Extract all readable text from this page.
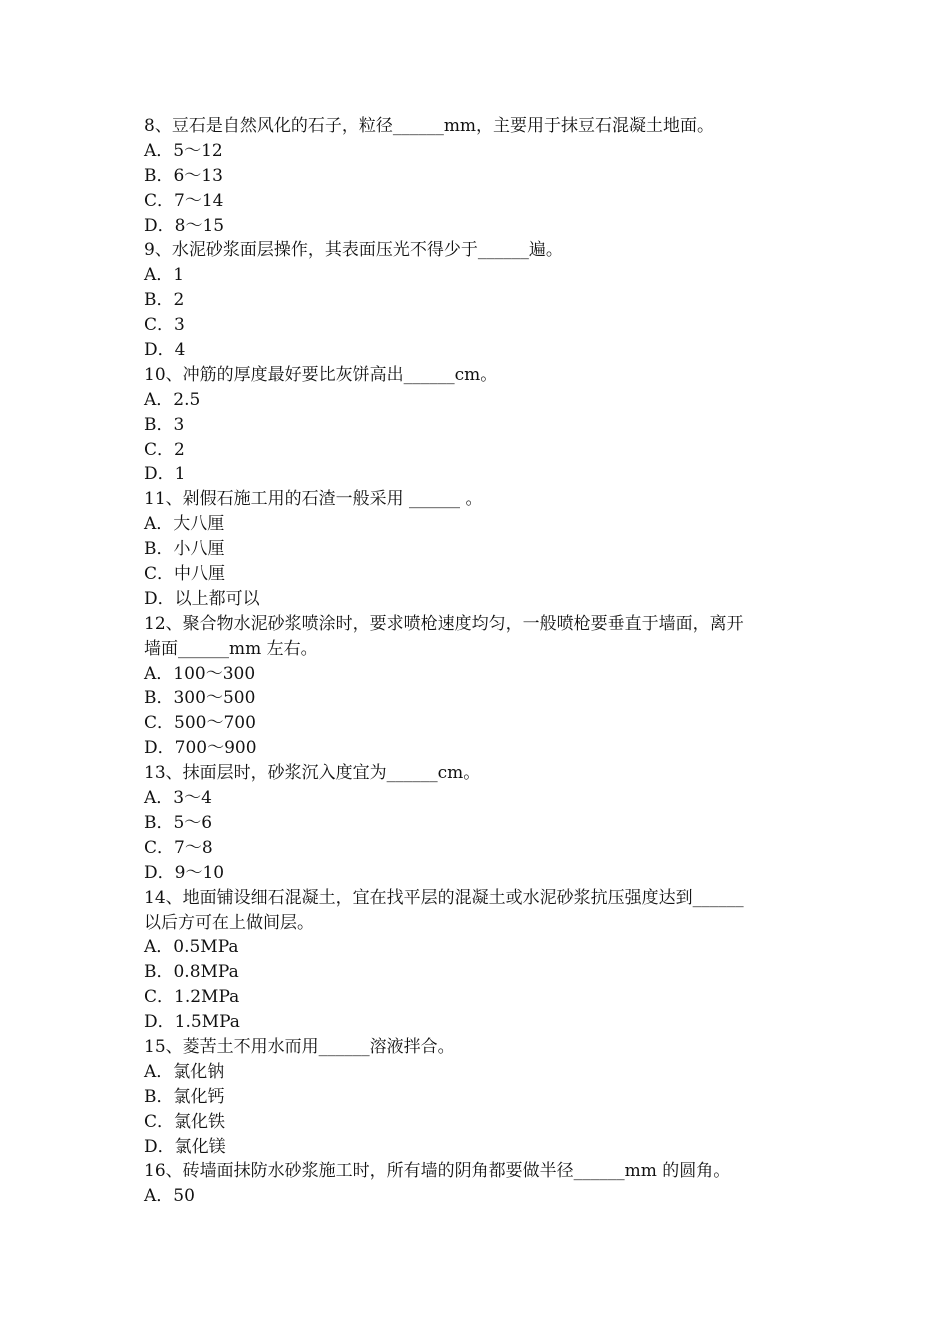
8、豆石是自然风化的石子，粒径______mm，主要用于抹豆石混凝土地面。
A．5～12
B．6～13
C．7～14
D．8～15
9、水泥砂浆面层操作，其表面压光不得少于______遍。
A．1
B．2
C．3
D．4
10、冲筋的厚度最好要比灰饼高出______cm。
A．2.5
B．3
C．2
D．1
11、剁假石施工用的石渣一般采用 ______ 。
A．大八厘
B．小八厘
C．中八厘
D．以上都可以
12、聚合物水泥砂浆喷涂时，要求喷枪速度均匀，一般喷枪要垂直于墙面，离开
墙面______mm 左右。
A．100～300
B．300～500
C．500～700
D．700～900
13、抹面层时，砂浆沉入度宜为______cm。
A．3～4
B．5～6
C．7～8
D．9～10
14、地面铺设细石混凝土，宜在找平层的混凝土或水泥砂浆抗压强度达到______
以后方可在上做间层。
A．0.5MPa
B．0.8MPa
C．1.2MPa
D．1.5MPa
15、菱苦土不用水而用______溶液拌合。
A．氯化钠
B．氯化钙
C．氯化铁
D．氯化镁
16、砖墙面抹防水砂浆施工时，所有墙的阴角都要做半径______mm 的圆角。
A．50
